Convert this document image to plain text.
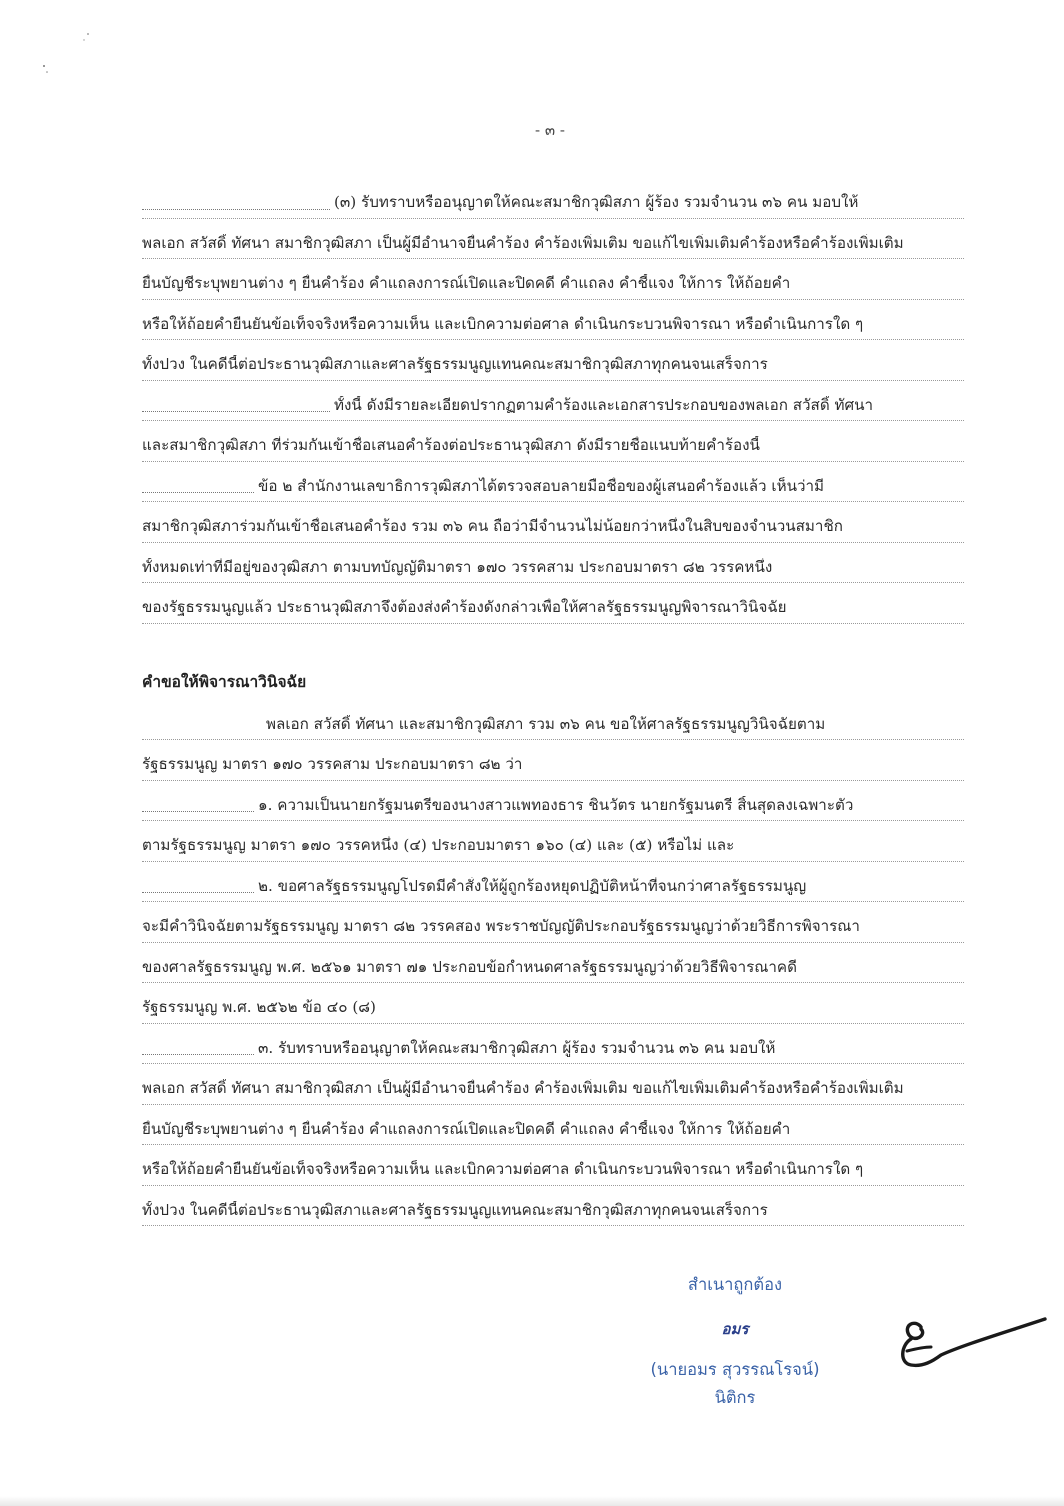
- ๓ -
(๓) รับทราบหรืออนุญาตให้คณะสมาชิกวุฒิสภา ผู้ร้อง รวมจำนวน ๓๖ คน มอบให้
พลเอก สวัสดิ์ ทัศนา สมาชิกวุฒิสภา เป็นผู้มีอำนาจยื่นคำร้อง คำร้องเพิ่มเติม ขอแก้ไขเพิ่มเติมคำร้องหรือคำร้องเพิ่มเติม
ยื่นบัญชีระบุพยานต่าง ๆ ยื่นคำร้อง คำแถลงการณ์เปิดและปิดคดี คำแถลง คำชี้แจง ให้การ ให้ถ้อยคำ
หรือให้ถ้อยคำยืนยันข้อเท็จจริงหรือความเห็น และเบิกความต่อศาล ดำเนินกระบวนพิจารณา หรือดำเนินการใด ๆ
ทั้งปวง ในคดีนี้ต่อประธานวุฒิสภาและศาลรัฐธรรมนูญแทนคณะสมาชิกวุฒิสภาทุกคนจนเสร็จการ
ทั้งนี้ ดังมีรายละเอียดปรากฏตามคำร้องและเอกสารประกอบของพลเอก สวัสดิ์ ทัศนา
และสมาชิกวุฒิสภา ที่ร่วมกันเข้าชื่อเสนอคำร้องต่อประธานวุฒิสภา ดังมีรายชื่อแนบท้ายคำร้องนี้
ข้อ ๒ สำนักงานเลขาธิการวุฒิสภาได้ตรวจสอบลายมือชื่อของผู้เสนอคำร้องแล้ว เห็นว่ามี
สมาชิกวุฒิสภาร่วมกันเข้าชื่อเสนอคำร้อง รวม ๓๖ คน ถือว่ามีจำนวนไม่น้อยกว่าหนึ่งในสิบของจำนวนสมาชิก
ทั้งหมดเท่าที่มีอยู่ของวุฒิสภา ตามบทบัญญัติมาตรา ๑๗๐ วรรคสาม ประกอบมาตรา ๘๒ วรรคหนึ่ง
ของรัฐธรรมนูญแล้ว ประธานวุฒิสภาจึงต้องส่งคำร้องดังกล่าวเพื่อให้ศาลรัฐธรรมนูญพิจารณาวินิจฉัย
คำขอให้พิจารณาวินิจฉัย
พลเอก สวัสดิ์ ทัศนา และสมาชิกวุฒิสภา รวม ๓๖ คน ขอให้ศาลรัฐธรรมนูญวินิจฉัยตาม
รัฐธรรมนูญ มาตรา ๑๗๐ วรรคสาม ประกอบมาตรา ๘๒ ว่า
๑. ความเป็นนายกรัฐมนตรีของนางสาวแพทองธาร ชินวัตร นายกรัฐมนตรี สิ้นสุดลงเฉพาะตัว
ตามรัฐธรรมนูญ มาตรา ๑๗๐ วรรคหนึ่ง (๔) ประกอบมาตรา ๑๖๐ (๔) และ (๕) หรือไม่ และ
๒. ขอศาลรัฐธรรมนูญโปรดมีคำสั่งให้ผู้ถูกร้องหยุดปฏิบัติหน้าที่จนกว่าศาลรัฐธรรมนูญ
จะมีคำวินิจฉัยตามรัฐธรรมนูญ มาตรา ๘๒ วรรคสอง พระราชบัญญัติประกอบรัฐธรรมนูญว่าด้วยวิธีการพิจารณา
ของศาลรัฐธรรมนูญ พ.ศ. ๒๕๖๑ มาตรา ๗๑ ประกอบข้อกำหนดศาลรัฐธรรมนูญว่าด้วยวิธีพิจารณาคดี
รัฐธรรมนูญ พ.ศ. ๒๕๖๒ ข้อ ๔๐ (๘)
๓. รับทราบหรืออนุญาตให้คณะสมาชิกวุฒิสภา ผู้ร้อง รวมจำนวน ๓๖ คน มอบให้
พลเอก สวัสดิ์ ทัศนา สมาชิกวุฒิสภา เป็นผู้มีอำนาจยื่นคำร้อง คำร้องเพิ่มเติม ขอแก้ไขเพิ่มเติมคำร้องหรือคำร้องเพิ่มเติม
ยื่นบัญชีระบุพยานต่าง ๆ ยื่นคำร้อง คำแถลงการณ์เปิดและปิดคดี คำแถลง คำชี้แจง ให้การ ให้ถ้อยคำ
หรือให้ถ้อยคำยืนยันข้อเท็จจริงหรือความเห็น และเบิกความต่อศาล ดำเนินกระบวนพิจารณา หรือดำเนินการใด ๆ
ทั้งปวง ในคดีนี้ต่อประธานวุฒิสภาและศาลรัฐธรรมนูญแทนคณะสมาชิกวุฒิสภาทุกคนจนเสร็จการ
สำเนาถูกต้อง
อมร
(นายอมร สุวรรณโรจน์)
นิติกร
